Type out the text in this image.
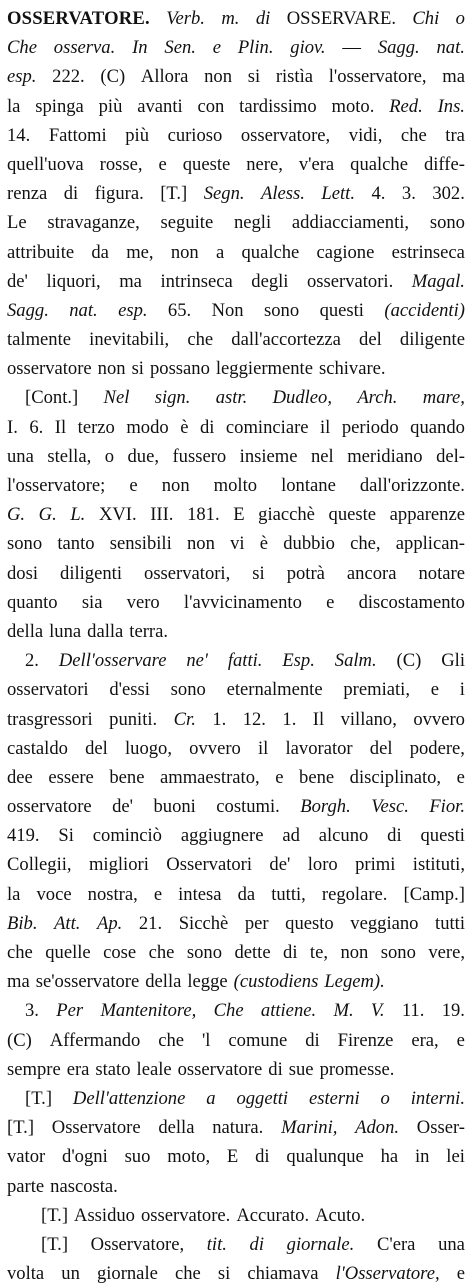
OSSERVATORE. Verb. m. di OSSERVARE. Chi o
Che osserva. In Sen. e Plin. giov. — Sagg. nat.
esp. 222. (C) Allora non si ristìa l'osservatore, ma
la spinga più avanti con tardissimo moto. Red. Ins.
14. Fattomi più curioso osservatore, vidi, che tra
quell'uova rosse, e queste nere, v'era qualche diffe-
renza di figura. [T.] Segn. Aless. Lett. 4. 3. 302.
Le stravaganze, seguite negli addiacciamenti, sono
attribuite da me, non a qualche cagione estrinseca
de' liquori, ma intrinseca degli osservatori. Magal.
Sagg. nat. esp. 65. Non sono questi (accidenti)
talmente inevitabili, che dall'accortezza del diligente
osservatore non si possano leggiermente schivare.
[Cont.] Nel sign. astr. Dudleo, Arch. mare,
I. 6. Il terzo modo è di cominciare il periodo quando
una stella, o due, fussero insieme nel meridiano del-
l'osservatore; e non molto lontane dall'orizzonte.
G. G. L. XVI. III. 181. E giacchè queste apparenze
sono tanto sensibili non vi è dubbio che, applican-
dosi diligenti osservatori, si potrà ancora notare
quanto sia vero l'avvicinamento e discostamento
della luna dalla terra.
2. Dell'osservare ne' fatti. Esp. Salm. (C) Gli
osservatori d'essi sono eternalmente premiati, e i
trasgressori puniti. Cr. 1. 12. 1. Il villano, ovvero
castaldo del luogo, ovvero il lavorator del podere,
dee essere bene ammaestrato, e bene disciplinato, e
osservatore de' buoni costumi. Borgh. Vesc. Fior.
419. Si cominciò aggiugnere ad alcuno di questi
Collegii, migliori Osservatori de' loro primi istituti,
la voce nostra, e intesa da tutti, regolare. [Camp.]
Bib. Att. Ap. 21. Sicchè per questo veggiano tutti
che quelle cose che sono dette di te, non sono vere,
ma se'osservatore della legge (custodiens Legem).
3. Per Mantenitore, Che attiene. M. V. 11. 19.
(C) Affermando che 'l comune di Firenze era, e
sempre era stato leale osservatore di sue promesse.
[T.] Dell'attenzione a oggetti esterni o interni.
[T.] Osservatore della natura. Marini, Adon. Osser-
vator d'ogni suo moto, E di qualunque ha in lei
parte nascosta.
[T.] Assiduo osservatore. Accurato. Acuto.
[T.] Osservatore, tit. di giornale. C'era una
volta un giornale che si chiamava l'Osservatore, e
